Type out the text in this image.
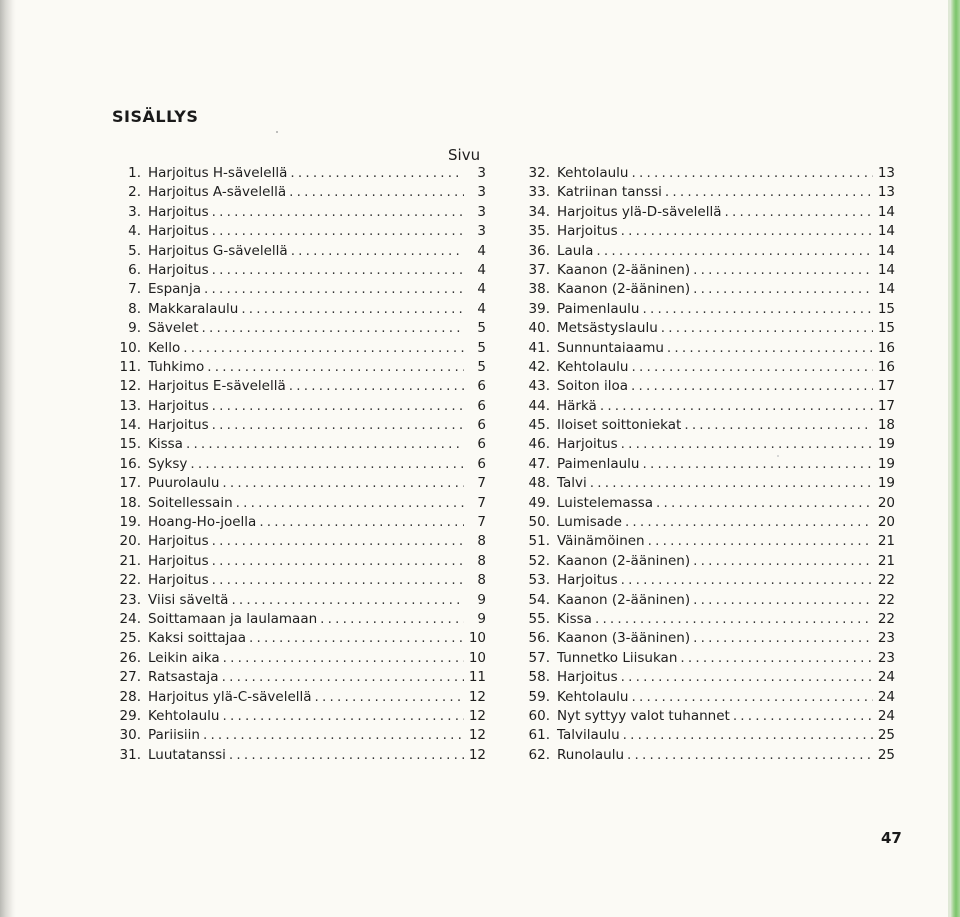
SISÄLLYS
Sivu
1. Harjoitus H-sävelellä .....	3
2. Harjoitus A-sävelellä .....	3
3. Harjoitus .....	3
4. Harjoitus .....	3
5. Harjoitus G-sävelellä .....	4
6. Harjoitus .....	4
7. Espanja .....	4
8. Makkaralaulu .....	4
9. Sävelet .....	5
10. Kello .....	5
11. Tuhkimo .....	5
12. Harjoitus E-sävelellä .....	6
13. Harjoitus .....	6
14. Harjoitus .....	6
15. Kissa .....	6
16. Syksy .....	6
17. Puurolaulu .....	7
18. Soitellessain .....	7
19. Hoang-Ho-joella .....	7
20. Harjoitus .....	8
21. Harjoitus .....	8
22. Harjoitus .....	8
23. Viisi säveltä .....	9
24. Soittamaan ja laulamaan .....	9
25. Kaksi soittajaa .....	10
26. Leikin aika .....	10
27. Ratsastaja .....	11
28. Harjoitus ylä-C-sävelellä .....	12
29. Kehtolaulu .....	12
30. Pariisiin .....	12
31. Luutatanssi .....	12
32. Kehtolaulu .....	13
33. Katriinan tanssi .....	13
34. Harjoitus ylä-D-sävelellä .....	14
35. Harjoitus .....	14
36. Laula .....	14
37. Kaanon (2-ääninen) .....	14
38. Kaanon (2-ääninen) .....	14
39. Paimenlaulu .....	15
40. Metsästyslaulu .....	15
41. Sunnuntaiaamu .....	16
42. Kehtolaulu .....	16
43. Soiton iloa .....	17
44. Härkä .....	17
45. Iloiset soittoniekat .....	18
46. Harjoitus .....	19
47. Paimenlaulu .....	19
48. Talvi .....	19
49. Luistelemassa .....	20
50. Lumisade .....	20
51. Väinämöinen .....	21
52. Kaanon (2-ääninen) .....	21
53. Harjoitus .....	22
54. Kaanon (2-ääninen) .....	22
55. Kissa .....	22
56. Kaanon (3-ääninen) .....	23
57. Tunnetko Liisukan .....	23
58. Harjoitus .....	24
59. Kehtolaulu .....	24
60. Nyt syttyy valot tuhannet .....	24
61. Talvilaulu .....	25
62. Runolaulu .....	25
47
